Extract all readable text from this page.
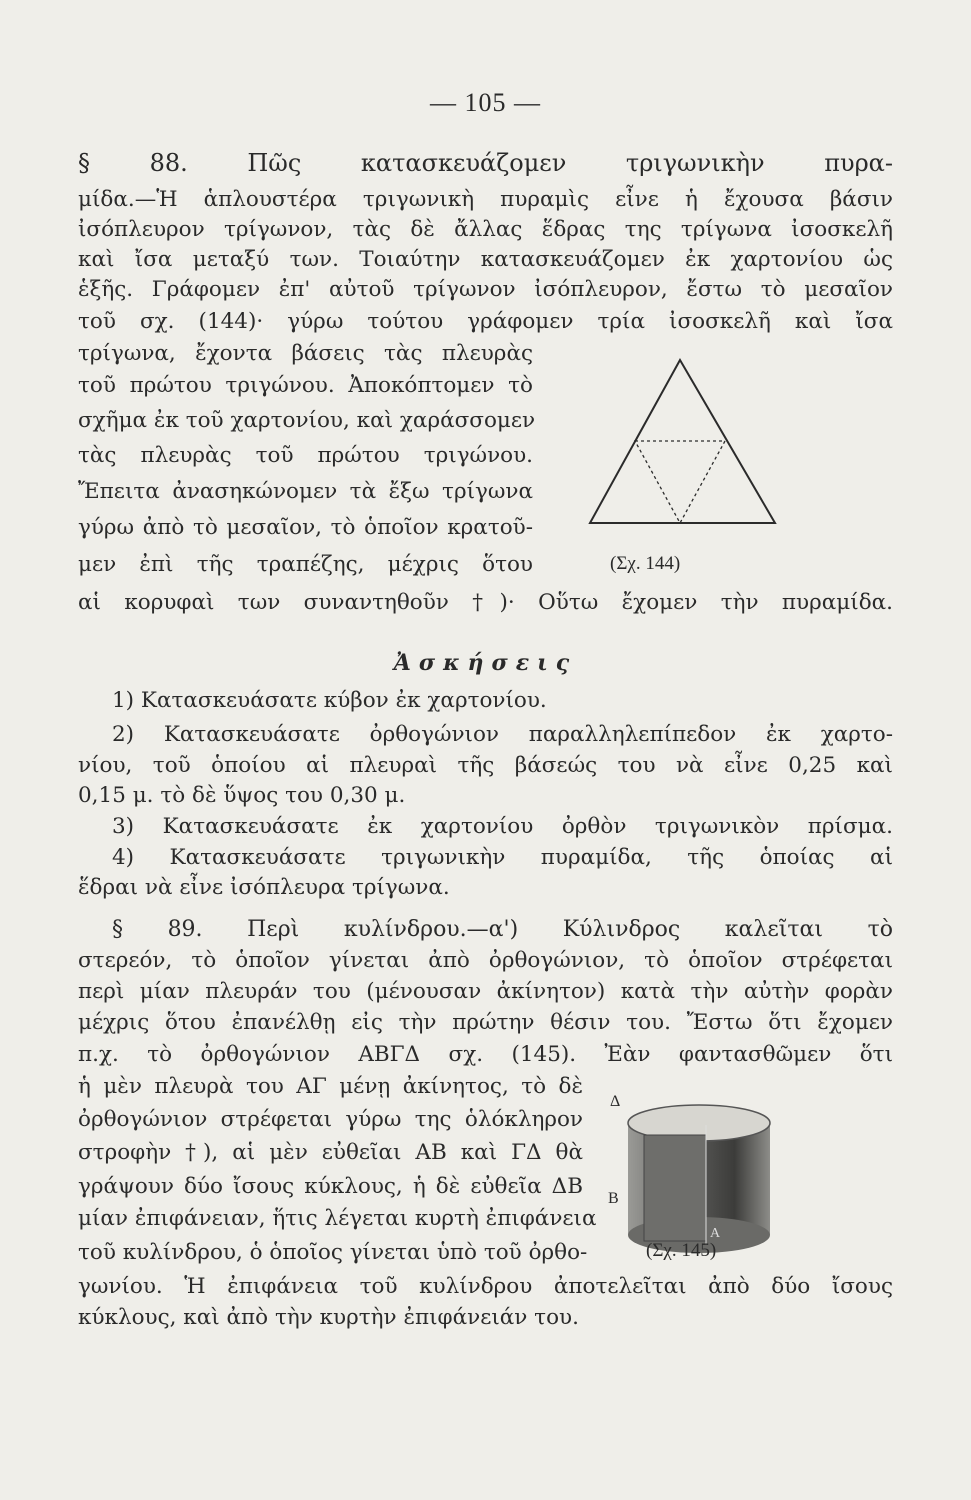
— 105 —
§ 88. Πῶς κατασκευάζομεν τριγωνικὴν πυρα-
μίδα.—Ἡ ἁπλουστέρα τριγωνικὴ πυραμὶς εἶνε ἡ ἔχουσα βάσιν
ἰσόπλευρον τρίγωνον, τὰς δὲ ἄλλας ἕδρας της τρίγωνα ἰσοσκελῆ
καὶ ἴσα μεταξύ των. Τοιαύτην κατασκευάζομεν ἐκ χαρτονίου ὡς
ἑξῆς. Γράφομεν ἐπ' αὐτοῦ τρίγωνον ἰσόπλευρον, ἔστω τὸ μεσαῖον
τοῦ σχ. (144)· γύρω τούτου γράφομεν τρία ἰσοσκελῆ καὶ ἴσα
τρίγωνα, ἔχοντα βάσεις τὰς πλευρὰς
τοῦ πρώτου τριγώνου. Ἀποκόπτομεν τὸ
σχῆμα ἐκ τοῦ χαρτονίου, καὶ χαράσσομεν
τὰς πλευρὰς τοῦ πρώτου τριγώνου.
Ἔπειτα ἀνασηκώνομεν τὰ ἔξω τρίγωνα
γύρω ἀπὸ τὸ μεσαῖον, τὸ ὁποῖον κρατοῦ-
μεν ἐπὶ τῆς τραπέζης, μέχρις ὅτου
αἱ κορυφαὶ των συναντηθοῦν †)· Οὕτω ἔχομεν τὴν πυραμίδα.
(Σχ. 144)
Ἀσκήσεις
1) Κατασκευάσατε κύβον ἐκ χαρτονίου.
2) Κατασκευάσατε ὀρθογώνιον παραλληλεπίπεδον ἐκ χαρτο-
νίου, τοῦ ὁποίου αἱ πλευραὶ τῆς βάσεώς του νὰ εἶνε 0,25 καὶ
0,15 μ. τὸ δὲ ὕψος του 0,30 μ.
3) Κατασκευάσατε ἐκ χαρτονίου ὀρθὸν τριγωνικὸν πρίσμα.
4) Κατασκευάσατε τριγωνικὴν πυραμίδα, τῆς ὁποίας αἱ
ἕδραι νὰ εἶνε ἰσόπλευρα τρίγωνα.
§ 89. Περὶ κυλίνδρου.—α') Κύλινδρος καλεῖται τὸ
στερεόν, τὸ ὁποῖον γίνεται ἀπὸ ὀρθογώνιον, τὸ ὁποῖον στρέφεται
περὶ μίαν πλευράν του (μένουσαν ἀκίνητον) κατὰ τὴν αὐτὴν φορὰν
μέχρις ὅτου ἐπανέλθῃ εἰς τὴν πρώτην θέσιν του. Ἔστω ὅτι ἔχομεν
π.χ. τὸ ὀρθογώνιον ΑΒΓΔ σχ. (145). Ἐὰν φαντασθῶμεν ὅτι
ἡ μὲν πλευρὰ του ΑΓ μένῃ ἀκίνητος, τὸ δὲ
ὀρθογώνιον στρέφεται γύρω της ὁλόκληρον
στροφὴν †), αἱ μὲν εὐθεῖαι ΑΒ καὶ ΓΔ θὰ
γράψουν δύο ἴσους κύκλους, ἡ δὲ εὐθεῖα ΔΒ
μίαν ἐπιφάνειαν, ἥτις λέγεται κυρτὴ ἐπιφάνεια
τοῦ κυλίνδρου, ὁ ὁποῖος γίνεται ὑπὸ τοῦ ὀρθο-
γωνίου. Ἡ ἐπιφάνεια τοῦ κυλίνδρου ἀποτελεῖται ἀπὸ δύο ἴσους
κύκλους, καὶ ἀπὸ τὴν κυρτὴν ἐπιφάνειάν του.
Δ
Β
Α
(Σχ. 145)
